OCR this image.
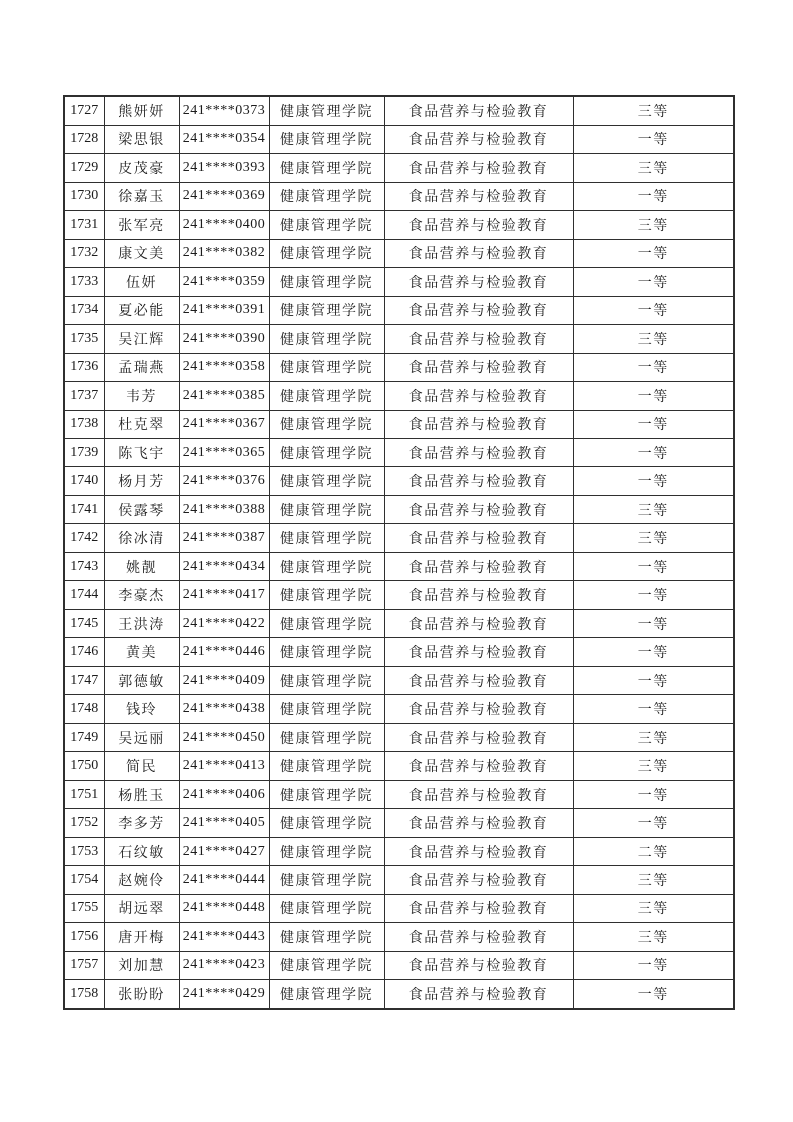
1727	熊妍妍	241****0373	健康管理学院	食品营养与检验教育	三等
1728	梁思银	241****0354	健康管理学院	食品营养与检验教育	一等
1729	皮茂豪	241****0393	健康管理学院	食品营养与检验教育	三等
1730	徐嘉玉	241****0369	健康管理学院	食品营养与检验教育	一等
1731	张军亮	241****0400	健康管理学院	食品营养与检验教育	三等
1732	康文美	241****0382	健康管理学院	食品营养与检验教育	一等
1733	伍妍	241****0359	健康管理学院	食品营养与检验教育	一等
1734	夏必能	241****0391	健康管理学院	食品营养与检验教育	一等
1735	吴江辉	241****0390	健康管理学院	食品营养与检验教育	三等
1736	孟瑞燕	241****0358	健康管理学院	食品营养与检验教育	一等
1737	韦芳	241****0385	健康管理学院	食品营养与检验教育	一等
1738	杜克翠	241****0367	健康管理学院	食品营养与检验教育	一等
1739	陈飞宇	241****0365	健康管理学院	食品营养与检验教育	一等
1740	杨月芳	241****0376	健康管理学院	食品营养与检验教育	一等
1741	侯露琴	241****0388	健康管理学院	食品营养与检验教育	三等
1742	徐冰清	241****0387	健康管理学院	食品营养与检验教育	三等
1743	姚靓	241****0434	健康管理学院	食品营养与检验教育	一等
1744	李豪杰	241****0417	健康管理学院	食品营养与检验教育	一等
1745	王洪涛	241****0422	健康管理学院	食品营养与检验教育	一等
1746	黄美	241****0446	健康管理学院	食品营养与检验教育	一等
1747	郭德敏	241****0409	健康管理学院	食品营养与检验教育	一等
1748	钱玲	241****0438	健康管理学院	食品营养与检验教育	一等
1749	吴远丽	241****0450	健康管理学院	食品营养与检验教育	三等
1750	简民	241****0413	健康管理学院	食品营养与检验教育	三等
1751	杨胜玉	241****0406	健康管理学院	食品营养与检验教育	一等
1752	李多芳	241****0405	健康管理学院	食品营养与检验教育	一等
1753	石纹敏	241****0427	健康管理学院	食品营养与检验教育	二等
1754	赵婉伶	241****0444	健康管理学院	食品营养与检验教育	三等
1755	胡远翠	241****0448	健康管理学院	食品营养与检验教育	三等
1756	唐开梅	241****0443	健康管理学院	食品营养与检验教育	三等
1757	刘加慧	241****0423	健康管理学院	食品营养与检验教育	一等
1758	张盼盼	241****0429	健康管理学院	食品营养与检验教育	一等
